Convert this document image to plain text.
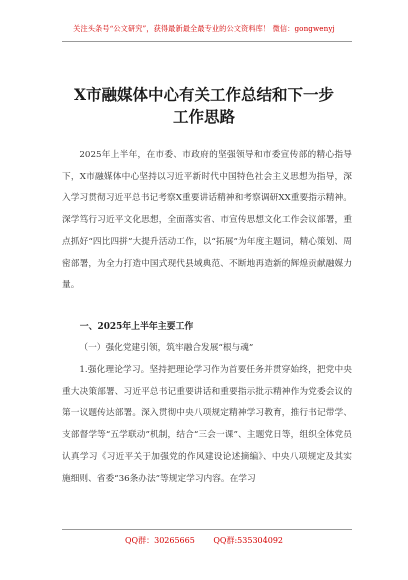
关注头条号“公文研究”，获得最新最全最专业的公文资料库！ 微信：gongwenyj
X市融媒体中心有关工作总结和下一步
工作思路

2025年上半年，在市委、市政府的坚强领导和市委宣传部的精心指导下，X市融媒体中心坚持以习近平新时代中国特色社会主义思想为指导，深入学习贯彻习近平总书记考察X重要讲话精神和考察调研XX重要指示精神。深学笃行习近平文化思想，全面落实省、市宣传思想文化工作会议部署，重点抓好“四比四拼”大提升活动工作，以“拓展”为年度主题词，精心策划、周密部署，为全力打造中国式现代县域典范、不断地再造新的辉煌贡献融媒力量。

一、2025年上半年主要工作

（一）强化党建引领，筑牢融合发展“根与魂”

1.强化理论学习。坚持把理论学习作为首要任务并贯穿始终，把党中央重大决策部署、习近平总书记重要讲话和重要指示批示精神作为党委会议的第一议题传达部署。深入贯彻中央八项规定精神学习教育，推行书记带学、支部督学等“五学联动”机制，结合“三会一课”、主题党日等，组织全体党员认真学习《习近平关于加强党的作风建设论述摘编》、中央八项规定及其实施细则、省委“36条办法”等规定学习内容。在学习

QQ群：30265665 QQ群:535304092
